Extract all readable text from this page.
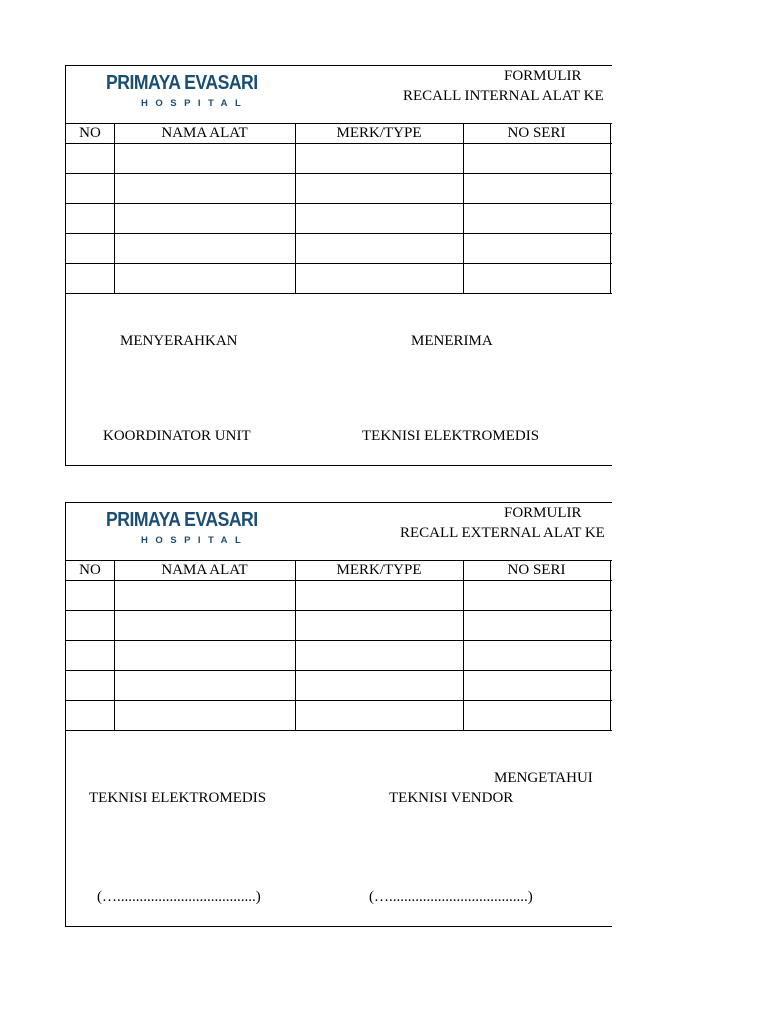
PRIMAYA EVASARI
HOSPITAL
FORMULIR
RECALL INTERNAL ALAT KE
NO	NAMA ALAT	MERK/TYPE	NO SERI
MENYERAHKAN	MENERIMA
KOORDINATOR UNIT	TEKNISI ELEKTROMEDIS
PRIMAYA EVASARI
HOSPITAL
FORMULIR
RECALL EXTERNAL ALAT KE
NO	NAMA ALAT	MERK/TYPE	NO SERI
MENGETAHUI
TEKNISI ELEKTROMEDIS	TEKNISI VENDOR
(….....................................)	(….....................................)
